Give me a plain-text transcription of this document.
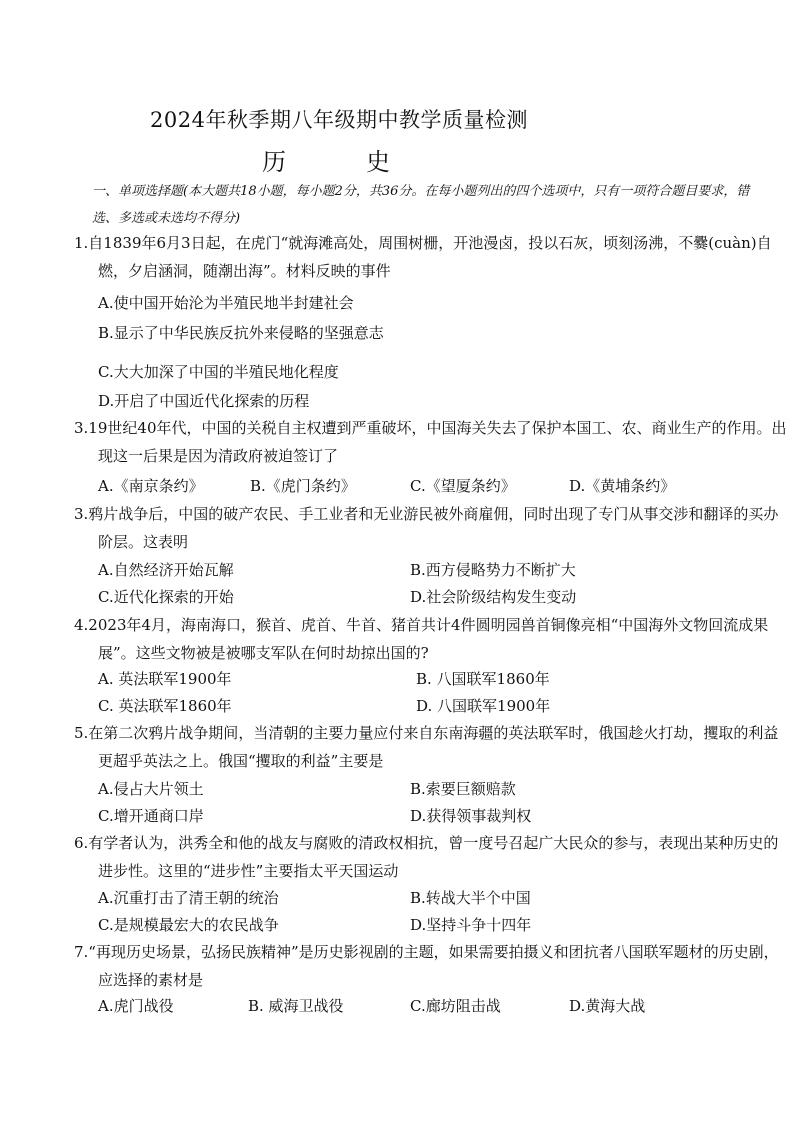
2024年秋季期八年级期中教学质量检测
历	史
一、单项选择题(本大题共18小题，每小题2分，共36分。在每小题列出的四个选项中，只有一项符合题目要求，错选、多选或未选均不得分)
1.自1839年6月3日起，在虎门“就海滩高处，周围树栅，开池漫卤，投以石灰，顷刻汤沸，不爨(cuàn)自燃，夕启涵洞，随潮出海”。材料反映的事件
A.使中国开始沦为半殖民地半封建社会
B.显示了中华民族反抗外来侵略的坚强意志
C.大大加深了中国的半殖民地化程度
D.开启了中国近代化探索的历程
3.19世纪40年代，中国的关税自主权遭到严重破坏，中国海关失去了保护本国工、农、商业生产的作用。出现这一后果是因为清政府被迫签订了
A.《南京条约》	B.《虎门条约》	C.《望厦条约》	D.《黄埔条约》
3.鸦片战争后，中国的破产农民、手工业者和无业游民被外商雇佣，同时出现了专门从事交涉和翻译的买办阶层。这表明
A.自然经济开始瓦解	B.西方侵略势力不断扩大
C.近代化探索的开始	D.社会阶级结构发生变动
4.2023年4月，海南海口，猴首、虎首、牛首、猪首共计4件圆明园兽首铜像亮相“中国海外文物回流成果展”。这些文物被是被哪支军队在何时劫掠出国的?
A. 英法联军1900年	B. 八国联军1860年
C. 英法联军1860年	D. 八国联军1900年
5.在第二次鸦片战争期间，当清朝的主要力量应付来自东南海疆的英法联军时，俄国趁火打劫，攫取的利益更超乎英法之上。俄国“攫取的利益”主要是
A.侵占大片领土	B.索要巨额赔款
C.增开通商口岸	D.获得领事裁判权
6.有学者认为，洪秀全和他的战友与腐败的清政权相抗，曾一度号召起广大民众的参与，表现出某种历史的进步性。这里的“进步性”主要指太平天国运动
A.沉重打击了清王朝的统治	B.转战大半个中国
C.是规模最宏大的农民战争	D.坚持斗争十四年
7.“再现历史场景，弘扬民族精神”是历史影视剧的主题，如果需要拍摄义和团抗者八国联军题材的历史剧，应选择的素材是
A.虎门战役	B. 威海卫战役	C.廊坊阻击战	D.黄海大战
